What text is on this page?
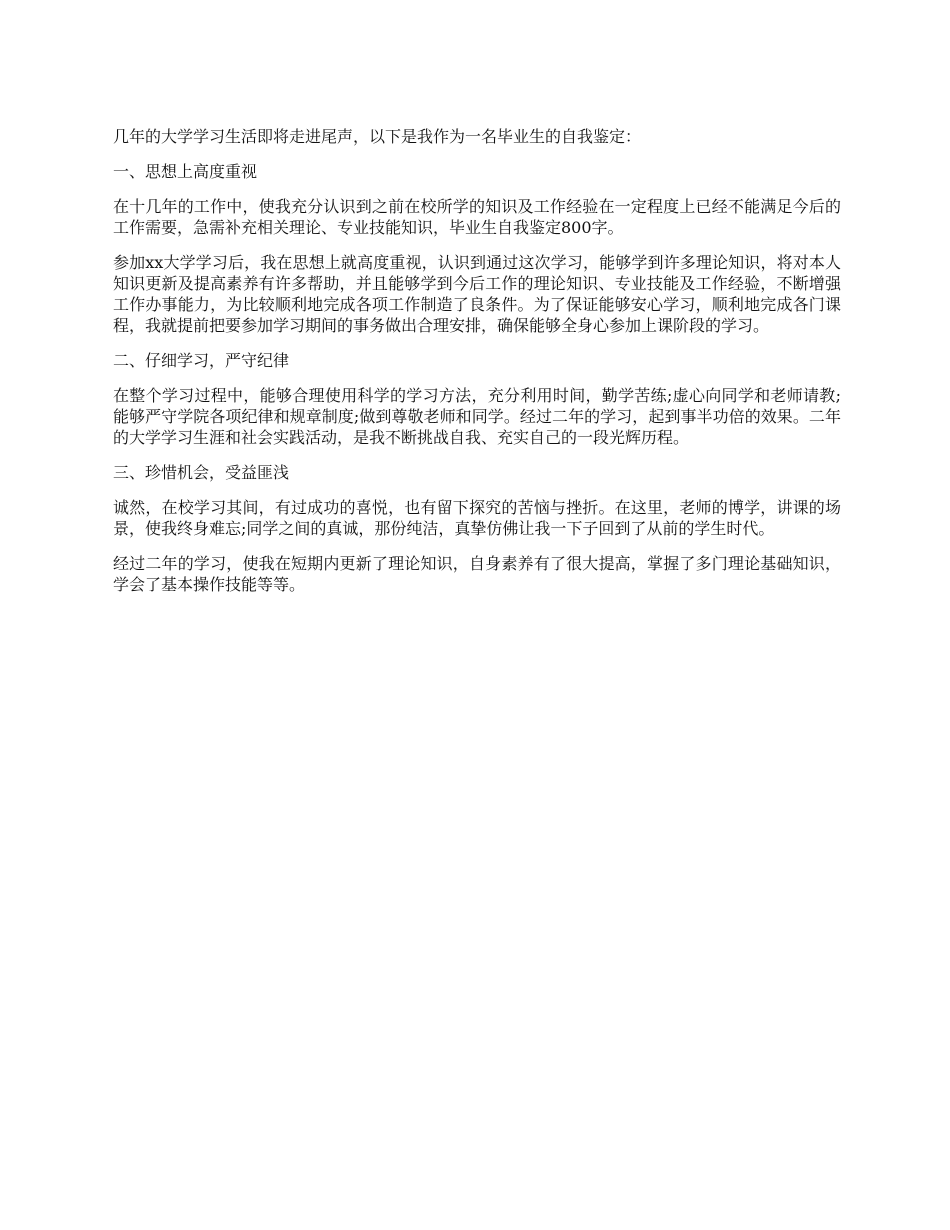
几年的大学学习生活即将走进尾声，以下是我作为一名毕业生的自我鉴定：

一、思想上高度重视

在十几年的工作中，使我充分认识到之前在校所学的知识及工作经验在一定程度上已经不能满足今后的工作需要，急需补充相关理论、专业技能知识，毕业生自我鉴定800字。

参加xx大学学习后，我在思想上就高度重视，认识到通过这次学习，能够学到许多理论知识，将对本人知识更新及提高素养有许多帮助，并且能够学到今后工作的理论知识、专业技能及工作经验，不断增强工作办事能力，为比较顺利地完成各项工作制造了良条件。为了保证能够安心学习，顺利地完成各门课程，我就提前把要参加学习期间的事务做出合理安排，确保能够全身心参加上课阶段的学习。

二、仔细学习，严守纪律

在整个学习过程中，能够合理使用科学的学习方法，充分利用时间，勤学苦练;虚心向同学和老师请教;能够严守学院各项纪律和规章制度;做到尊敬老师和同学。经过二年的学习，起到事半功倍的效果。二年的大学学习生涯和社会实践活动，是我不断挑战自我、充实自己的一段光辉历程。

三、珍惜机会，受益匪浅

诚然，在校学习其间，有过成功的喜悦，也有留下探究的苦恼与挫折。在这里，老师的博学，讲课的场景，使我终身难忘;同学之间的真诚，那份纯洁，真挚仿佛让我一下子回到了从前的学生时代。

经过二年的学习，使我在短期内更新了理论知识，自身素养有了很大提高，掌握了多门理论基础知识，学会了基本操作技能等等。
